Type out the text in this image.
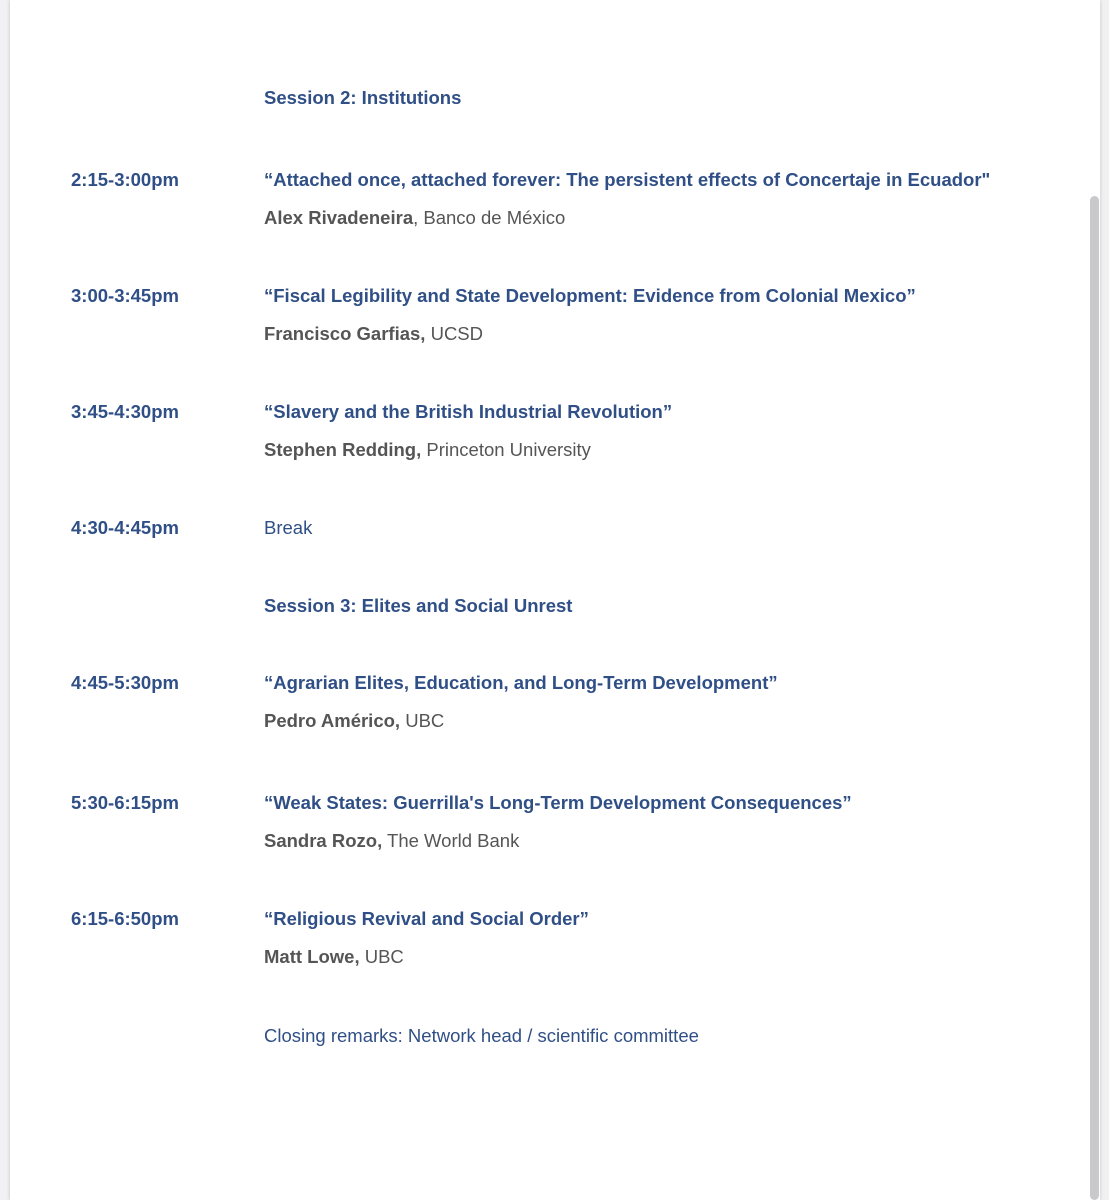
Session 2: Institutions
2:15-3:00pm	“Attached once, attached forever: The persistent effects of Concertaje in Ecuador"
Alex Rivadeneira, Banco de México
3:00-3:45pm	“Fiscal Legibility and State Development: Evidence from Colonial Mexico”
Francisco Garfias, UCSD
3:45-4:30pm	“Slavery and the British Industrial Revolution”
Stephen Redding, Princeton University
4:30-4:45pm	Break
Session 3: Elites and Social Unrest
4:45-5:30pm	“Agrarian Elites, Education, and Long-Term Development”
Pedro Américo, UBC
5:30-6:15pm	“Weak States: Guerrilla's Long-Term Development Consequences”
Sandra Rozo, The World Bank
6:15-6:50pm	“Religious Revival and Social Order”
Matt Lowe, UBC
Closing remarks: Network head / scientific committee
